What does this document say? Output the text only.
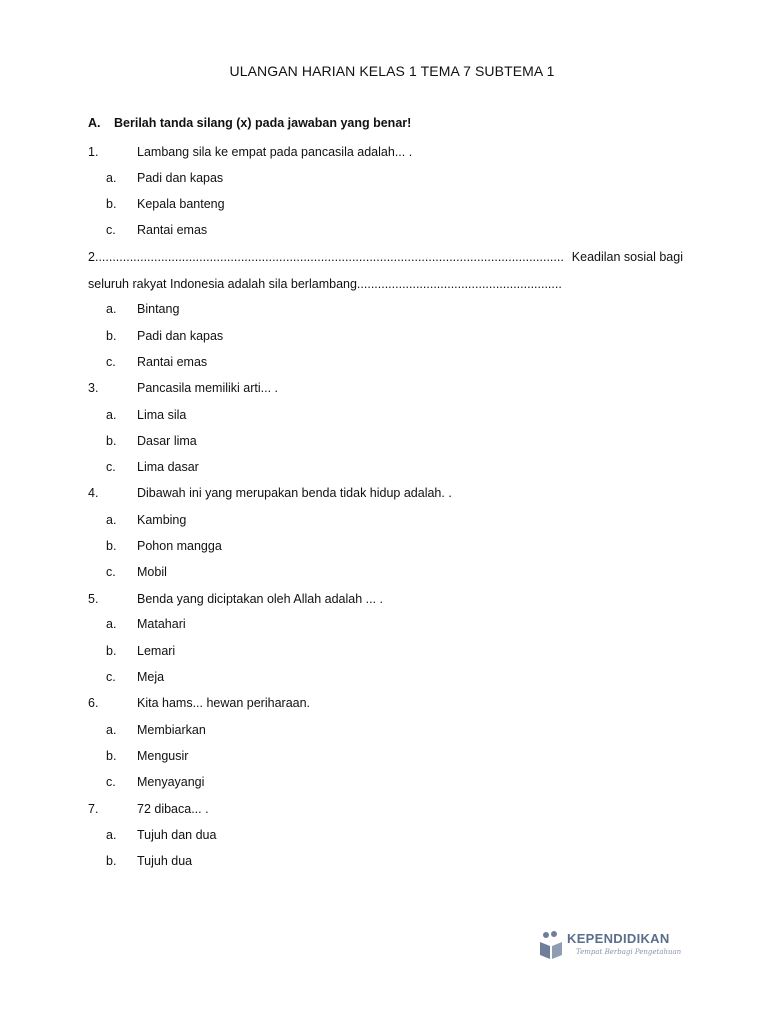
ULANGAN HARIAN KELAS 1 TEMA 7 SUBTEMA 1
A. Berilah tanda silang (x) pada jawaban yang benar!
1.	Lambang sila ke empat pada pancasila adalah... .
a. Padi dan kapas
b. Kepala banteng
c. Rantai emas
2....................................................................................................................................... Keadilan sosial bagi
seluruh rakyat Indonesia adalah sila berlambang...........................................................
a. Bintang
b. Padi dan kapas
c. Rantai emas
3.	Pancasila memiliki arti... .
a. Lima sila
b. Dasar lima
c. Lima dasar
4.	Dibawah ini yang merupakan benda tidak hidup adalah. .
a. Kambing
b. Pohon mangga
c. Mobil
5.	Benda yang diciptakan oleh Allah adalah ... .
a. Matahari
b. Lemari
c. Meja
6.	Kita hams... hewan periharaan.
a. Membiarkan
b. Mengusir
c. Menyayangi
7.	72 dibaca... .
a. Tujuh dan dua
b. Tujuh dua
KEPENDIDIKAN
Tempat Berbagi Pengetahuan
